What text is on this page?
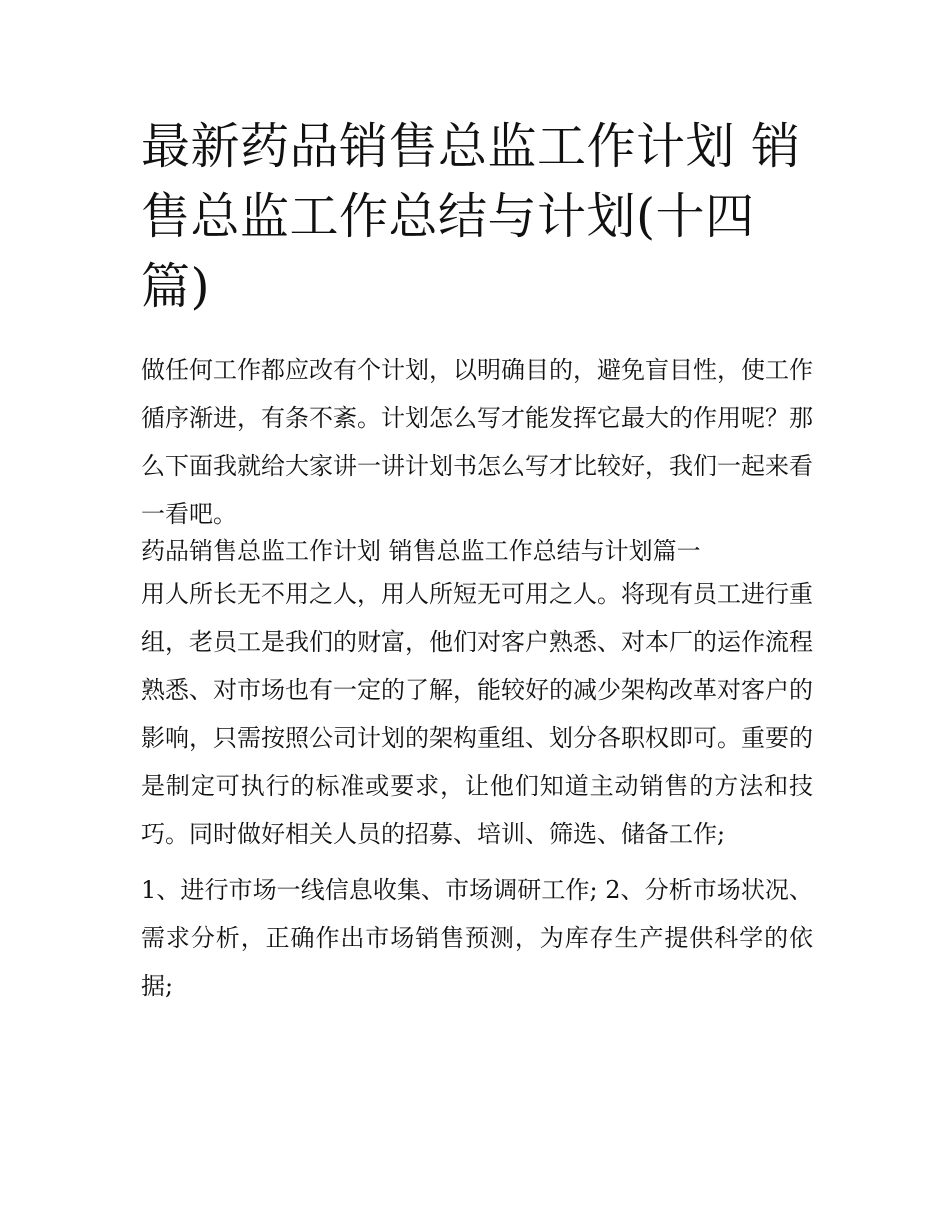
最新药品销售总监工作计划 销售总监工作总结与计划(十四篇)

做任何工作都应改有个计划，以明确目的，避免盲目性，使工作循序渐进，有条不紊。计划怎么写才能发挥它最大的作用呢？那么下面我就给大家讲一讲计划书怎么写才比较好，我们一起来看一看吧。

药品销售总监工作计划 销售总监工作总结与计划篇一

用人所长无不用之人，用人所短无可用之人。将现有员工进行重组，老员工是我们的财富，他们对客户熟悉、对本厂的运作流程熟悉、对市场也有一定的了解，能较好的减少架构改革对客户的影响，只需按照公司计划的架构重组、划分各职权即可。重要的是制定可执行的标准或要求，让他们知道主动销售的方法和技巧。同时做好相关人员的招募、培训、筛选、储备工作;

1、进行市场一线信息收集、市场调研工作; 2、分析市场状况、需求分析，正确作出市场销售预测，为库存生产提供科学的依据;
